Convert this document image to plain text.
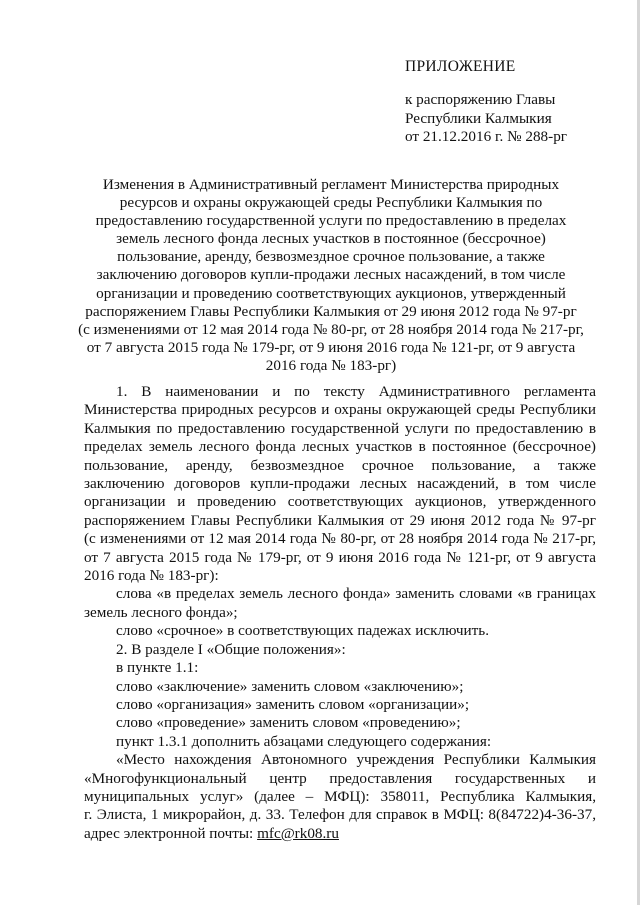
ПРИЛОЖЕНИЕ
к распоряжению Главы
Республики Калмыкия
от 21.12.2016 г. № 288-рг
Изменения в Административный регламент Министерства природных
ресурсов и охраны окружающей среды Республики Калмыкия по
предоставлению государственной услуги по предоставлению в пределах
земель лесного фонда лесных участков в постоянное (бессрочное)
пользование, аренду, безвозмездное срочное пользование, а также
заключению договоров купли-продажи лесных насаждений, в том числе
организации и проведению соответствующих аукционов, утвержденный
распоряжением Главы Республики Калмыкия от 29 июня 2012 года № 97-рг
(с изменениями от 12 мая 2014 года № 80-рг, от 28 ноября 2014 года № 217-рг,
от 7 августа 2015 года № 179-рг, от 9 июня 2016 года № 121-рг, от 9 августа
2016 года № 183-рг)
1. В наименовании и по тексту Административного регламента
Министерства природных ресурсов и охраны окружающей среды Республики
Калмыкия по предоставлению государственной услуги по предоставлению в
пределах земель лесного фонда лесных участков в постоянное (бессрочное)
пользование, аренду, безвозмездное срочное пользование, а также
заключению договоров купли-продажи лесных насаждений, в том числе
организации и проведению соответствующих аукционов, утвержденного
распоряжением Главы Республики Калмыкия от 29 июня 2012 года № 97-рг
(с изменениями от 12 мая 2014 года № 80-рг, от 28 ноября 2014 года № 217-рг,
от 7 августа 2015 года № 179-рг, от 9 июня 2016 года № 121-рг, от 9 августа
2016 года № 183-рг):
слова «в пределах земель лесного фонда» заменить словами «в границах
земель лесного фонда»;
слово «срочное» в соответствующих падежах исключить.
2. В разделе I «Общие положения»:
в пункте 1.1:
слово «заключение» заменить словом «заключению»;
слово «организация» заменить словом «организации»;
слово «проведение» заменить словом «проведению»;
пункт 1.3.1 дополнить абзацами следующего содержания:
«Место нахождения Автономного учреждения Республики Калмыкия
«Многофункциональный центр предоставления государственных и
муниципальных услуг» (далее – МФЦ): 358011, Республика Калмыкия,
г. Элиста, 1 микрорайон, д. 33. Телефон для справок в МФЦ: 8(84722)4-36-37,
адрес электронной почты: mfc@rk08.ru
